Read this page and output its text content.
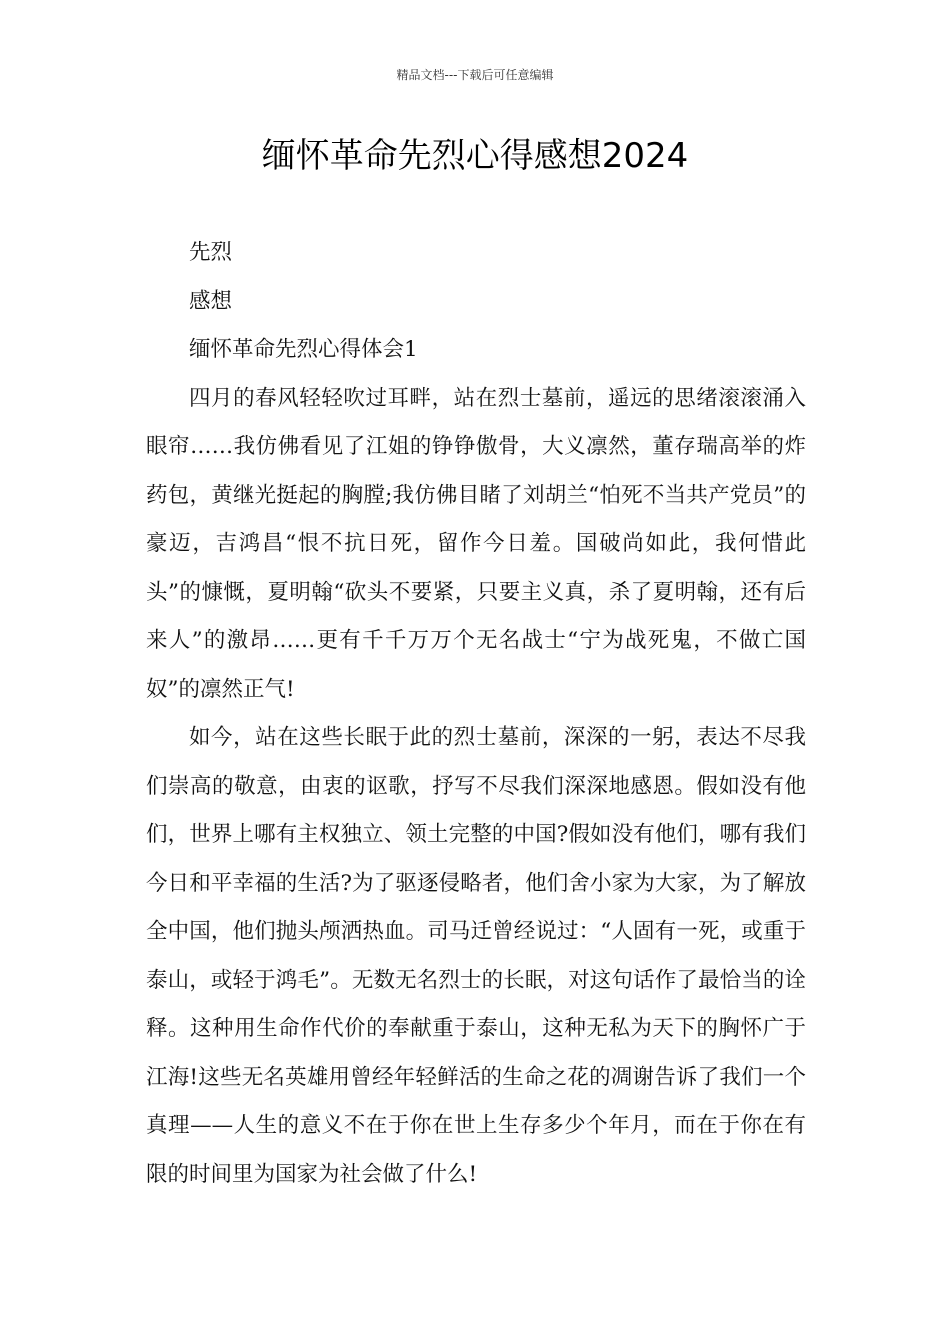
精品文档---下载后可任意编辑
缅怀革命先烈心得感想2024

先烈

感想

缅怀革命先烈心得体会1

四月的春风轻轻吹过耳畔，站在烈士墓前，遥远的思绪滚滚涌入眼帘……我仿佛看见了江姐的铮铮傲骨，大义凛然，董存瑞高举的炸药包，黄继光挺起的胸膛;我仿佛目睹了刘胡兰“怕死不当共产党员”的豪迈，吉鸿昌“恨不抗日死，留作今日羞。国破尚如此，我何惜此头”的慷慨，夏明翰“砍头不要紧，只要主义真，杀了夏明翰，还有后来人”的激昂……更有千千万万个无名战士“宁为战死鬼，不做亡国奴”的凛然正气!

如今，站在这些长眠于此的烈士墓前，深深的一躬，表达不尽我们崇高的敬意，由衷的讴歌，抒写不尽我们深深地感恩。假如没有他们，世界上哪有主权独立、领土完整的中国?假如没有他们，哪有我们今日和平幸福的生活?为了驱逐侵略者，他们舍小家为大家，为了解放全中国，他们抛头颅洒热血。司马迁曾经说过：“人固有一死，或重于泰山，或轻于鸿毛”。无数无名烈士的长眠，对这句话作了最恰当的诠释。这种用生命作代价的奉献重于泰山，这种无私为天下的胸怀广于江海!这些无名英雄用曾经年轻鲜活的生命之花的凋谢告诉了我们一个真理——人生的意义不在于你在世上生存多少个年月，而在于你在有限的时间里为国家为社会做了什么!
